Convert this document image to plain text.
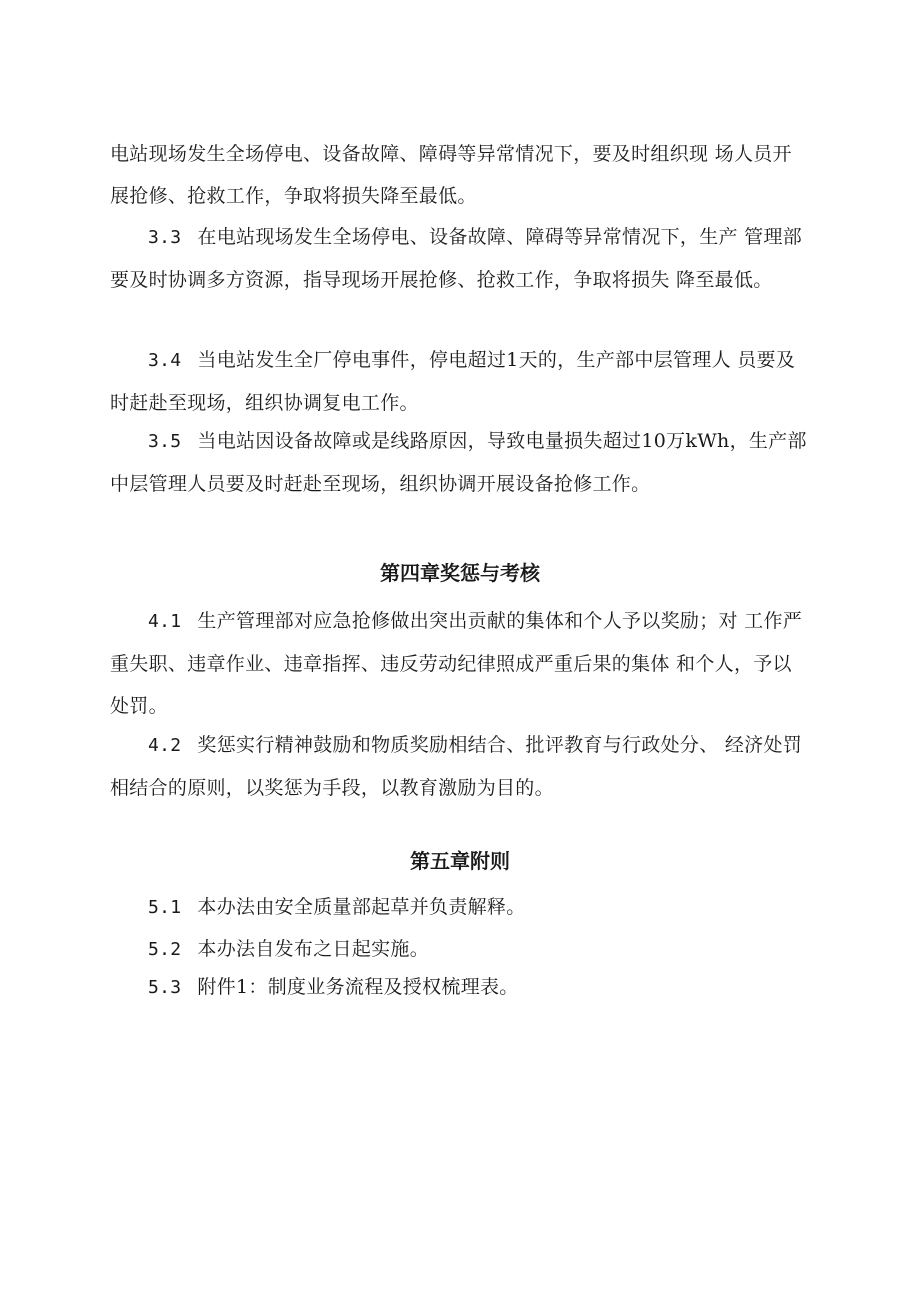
电站现场发生全场停电、设备故障、障碍等异常情况下，要及时组织现 场人员开展抢修、抢救工作，争取将损失降至最低。

3.3 在电站现场发生全场停电、设备故障、障碍等异常情况下，生产 管理部要及时协调多方资源，指导现场开展抢修、抢救工作，争取将损失 降至最低。

3.4 当电站发生全厂停电事件，停电超过1天的，生产部中层管理人 员要及时赶赴至现场，组织协调复电工作。

3.5 当电站因设备故障或是线路原因，导致电量损失超过10万kWh，生产部中层管理人员要及时赶赴至现场，组织协调开展设备抢修工作。

第四章奖惩与考核

4.1 生产管理部对应急抢修做出突出贡献的集体和个人予以奖励；对 工作严重失职、违章作业、违章指挥、违反劳动纪律照成严重后果的集体 和个人，予以处罚。

4.2 奖惩实行精神鼓励和物质奖励相结合、批评教育与行政处分、 经济处罚相结合的原则，以奖惩为手段，以教育激励为目的。

第五章附则

5.1 本办法由安全质量部起草并负责解释。

5.2 本办法自发布之日起实施。

5.3 附件1：制度业务流程及授权梳理表。
